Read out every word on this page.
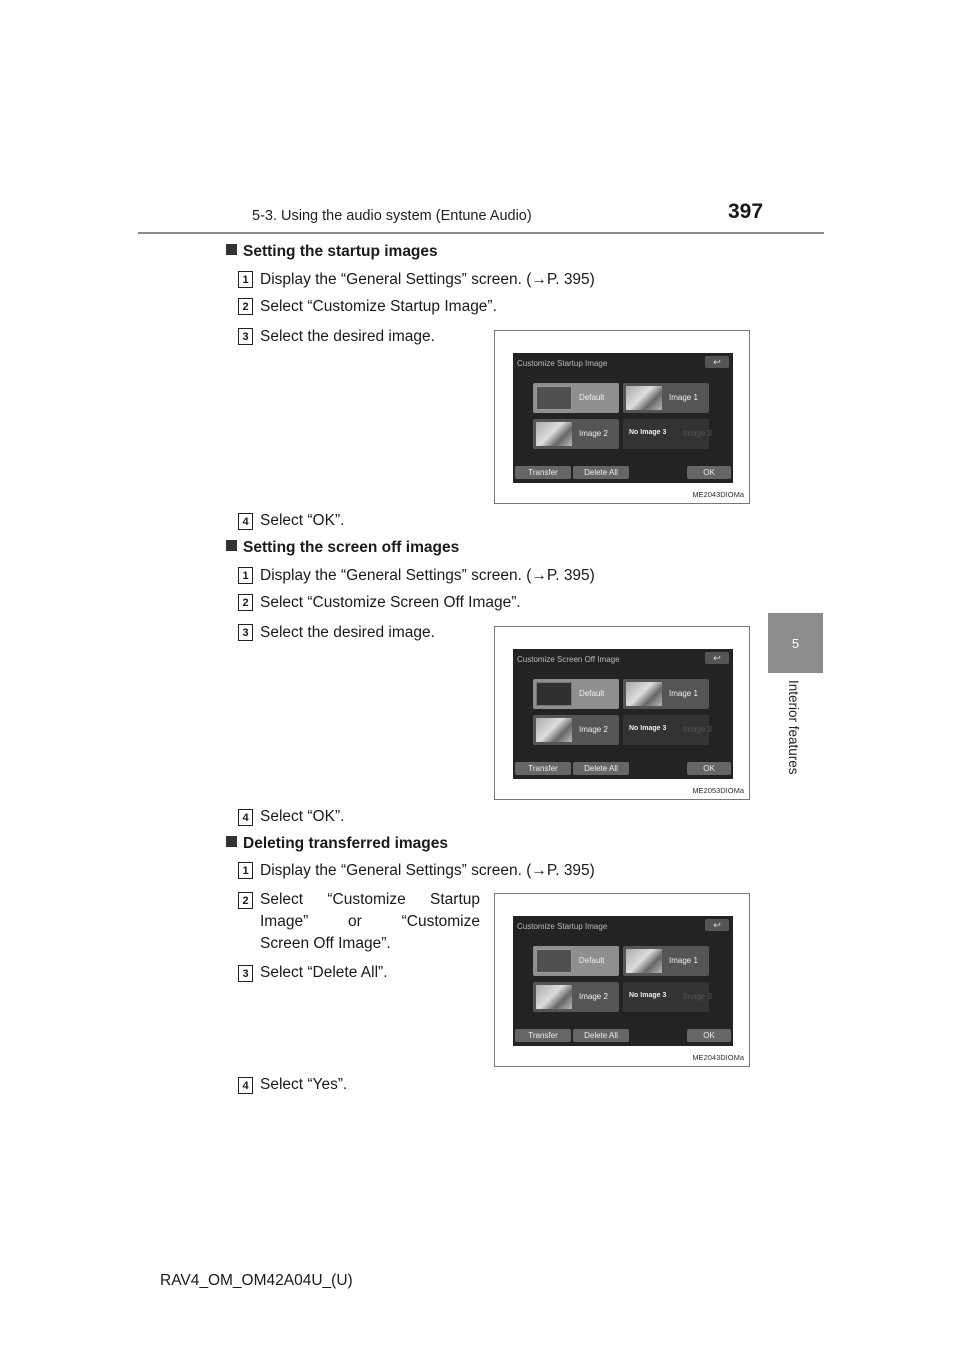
5-3. Using the audio system (Entune Audio)	397
5
Interior features
Setting the startup images
1 Display the “General Settings” screen. (→P. 395)
2 Select “Customize Startup Image”.
3 Select the desired image.
Customize Startup Image	↩
Default	Image 1
Image 2	No Image 3 Image 3
Transfer	Delete All	OK
ME2043DIOMa
4 Select “OK”.
Setting the screen off images
1 Display the “General Settings” screen. (→P. 395)
2 Select “Customize Screen Off Image”.
3 Select the desired image.
Customize Screen Off Image	↩
Default	Image 1
Image 2	No Image 3 Image 3
Transfer	Delete All	OK
ME2053DIOMa
4 Select “OK”.
Deleting transferred images
1 Display the “General Settings” screen. (→P. 395)
2 Select “Customize Startup
Image” or “Customize
Screen Off Image”.
3 Select “Delete All”.
Customize Startup Image	↩
Default	Image 1
Image 2	No Image 3 Image 3
Transfer	Delete All	OK
ME2043DIOMa
4 Select “Yes”.
RAV4_OM_OM42A04U_(U)
